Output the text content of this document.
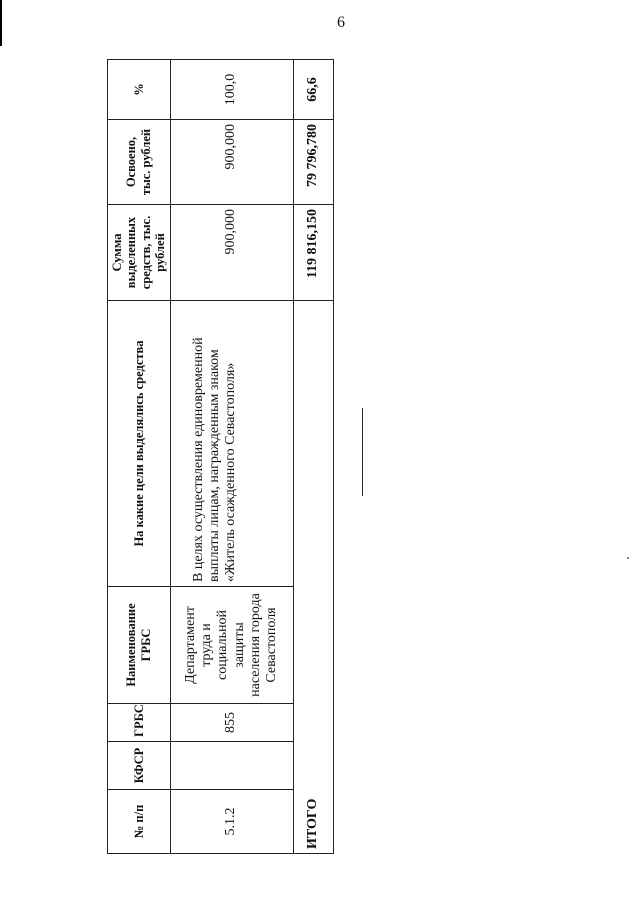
6
№ п/п	КФСР	ГРБС	Наименование ГРБС	На какие цели выделялись средства	Сумма выделенных средств, тыс. рублей	Освоено, тыс. рублей	%
5.1.2		855	Департамент труда и социальной защиты населения города Севастополя	В целях осуществления единовременной выплаты лицам, награжденным знаком «Житель осажденного Севастополя»	900,000	900,000	100,0
ИТОГО					119 816,150	79 796,780	66,6
